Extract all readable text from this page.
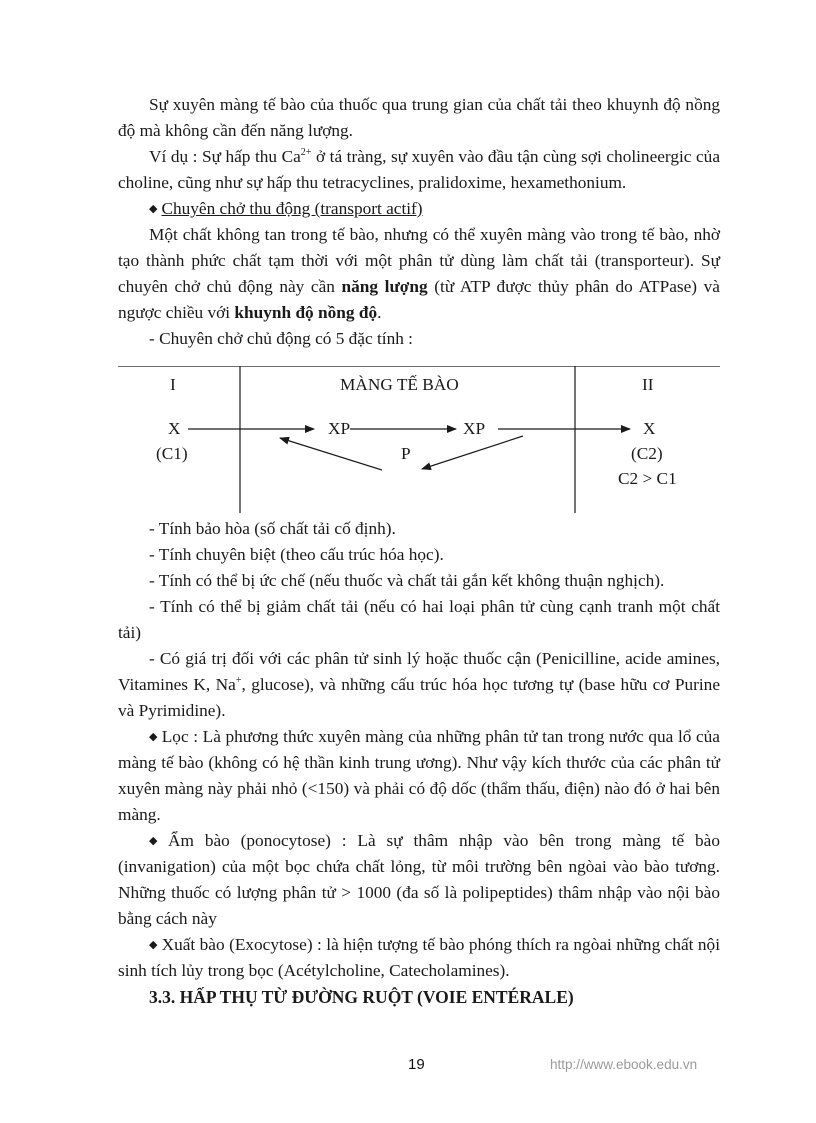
Sự xuyên màng tế bào của thuốc qua trung gian của chất tải theo khuynh độ nồng độ mà không cần đến năng lượng.

Ví dụ : Sự hấp thu $Ca^{2+}$ ở tá tràng, sự xuyên vào đầu tận cùng sợi cholineergic của choline, cũng như sự hấp thu tetracyclines, pralidoxime, hexamethonium.

◆ Chuyên chở thu động (transport actif)

Một chất không tan trong tế bào, nhưng có thể xuyên màng vào trong tế bào, nhờ tạo thành phức chất tạm thời với một phân tử dùng làm chất tải (transporteur). Sự chuyên chở chủ động này cần năng lượng (từ ATP được thủy phân do ATPase) và ngược chiều với khuynh độ nồng độ.

- Chuyên chở chủ động có 5 đặc tính :

I	MÀNG TẾ BÀO	II
X
(C1)
XP	XP
P
X
(C2)
C2 > C1

- Tính bảo hòa (số chất tải cố định).

- Tính chuyên biệt (theo cấu trúc hóa học).

- Tính có thể bị ức chế (nếu thuốc và chất tải gắn kết không thuận nghịch).

- Tính có thể bị giảm chất tải (nếu có hai loại phân tử cùng cạnh tranh một chất tải)

- Có giá trị đối với các phân tử sinh lý hoặc thuốc cận (Penicilline, acide amines, Vitamines K, Na+, glucose), và những cấu trúc hóa học tương tự (base hữu cơ Purine và Pyrimidine).

◆ Lọc : Là phương thức xuyên màng của những phân tử tan trong nước qua lổ của màng tế bào (không có hệ thần kinh trung ương). Như vậy kích thước của các phân tử xuyên màng này phải nhỏ (<150) và phải có độ dốc (thẩm thấu, điện) nào đó ở hai bên màng.

◆ Ẩm bào (ponocytose) : Là sự thâm nhập vào bên trong màng tế bào (invanigation) của một bọc chứa chất lỏng, từ môi trường bên ngòai vào bào tương. Những thuốc có lượng phân tử > 1000 (đa số là polipeptides) thâm nhập vào nội bào bằng cách này

◆ Xuất bào (Exocytose) : là hiện tượng tế bào phóng thích ra ngòai những chất nội sinh tích lủy trong bọc (Acétylcholine, Catecholamines).

3.3. HẤP THỤ TỪ ĐƯỜNG RUỘT (VOIE ENTÉRALE)

19	http://www.ebook.edu.vn
